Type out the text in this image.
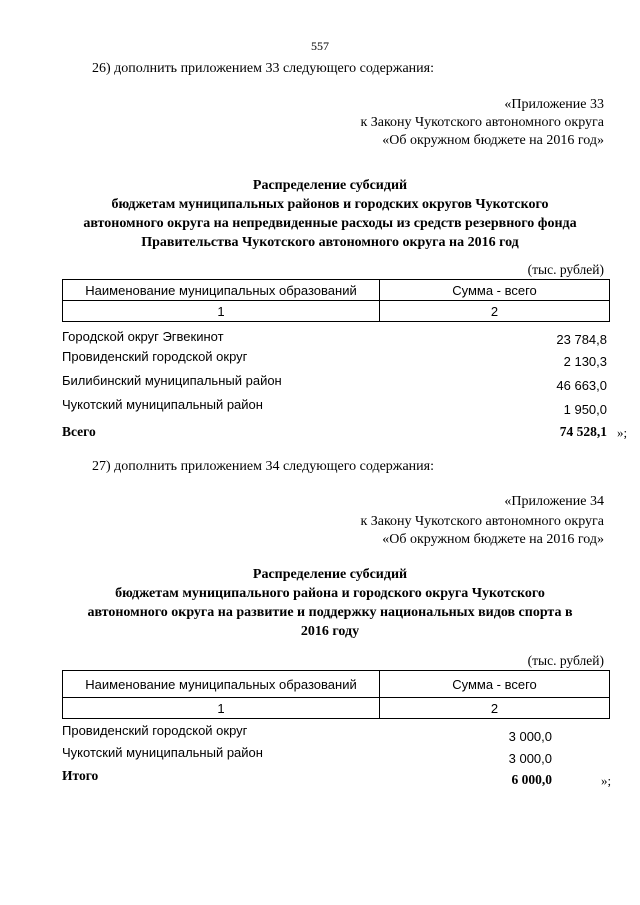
557
26) дополнить приложением 33 следующего содержания:
«Приложение 33
к Закону Чукотского автономного округа
«Об окружном бюджете на 2016 год»
Распределение субсидий
бюджетам муниципальных районов и городских округов Чукотского
автономного округа на непредвиденные расходы из средств резервного фонда
Правительства Чукотского автономного округа на 2016 год
(тыс. рублей)
Наименование муниципальных образований	Сумма - всего
1	2
Городской округ Эгвекинот	23 784,8
Провиденский городской округ	2 130,3
Билибинский муниципальный район	46 663,0
Чукотский муниципальный район	1 950,0
Всего	74 528,1 »;
27) дополнить приложением 34 следующего содержания:
«Приложение 34
к Закону Чукотского автономного округа
«Об окружном бюджете на 2016 год»
Распределение субсидий
бюджетам муниципального района и городского округа Чукотского
автономного округа на развитие и поддержку национальных видов спорта в
2016 году
(тыс. рублей)
Наименование муниципальных образований	Сумма - всего
1	2
Провиденский городской округ	3 000,0
Чукотский муниципальный район	3 000,0
Итого	6 000,0	»;
